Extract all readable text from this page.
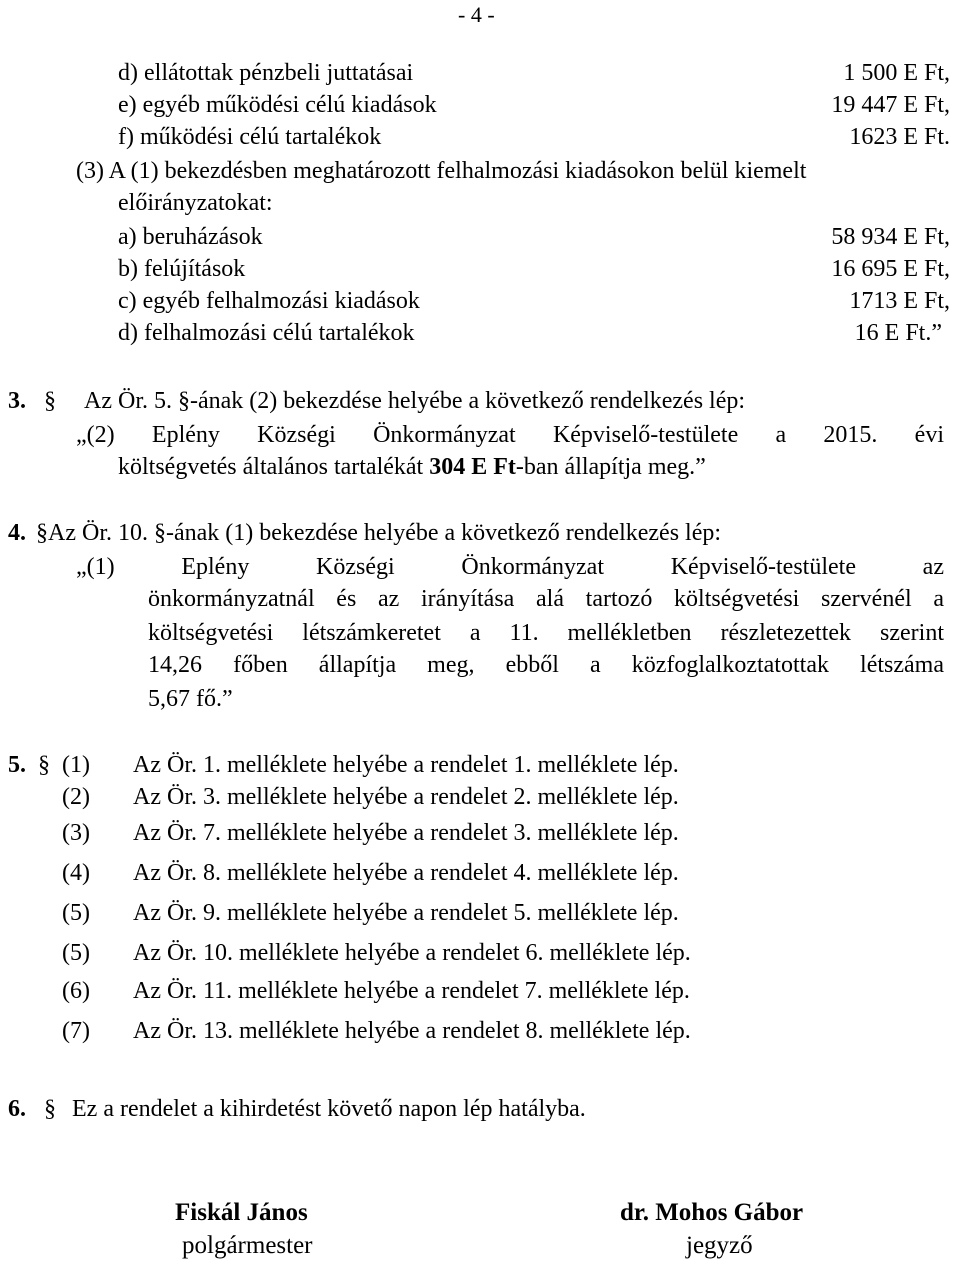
- 4 -
d) ellátottak pénzbeli juttatásai	1 500 E Ft,
e) egyéb működési célú kiadások	19 447 E Ft,
f) működési célú tartalékok	1623 E Ft.
(3) A (1) bekezdésben meghatározott felhalmozási kiadásokon belül kiemelt
előirányzatokat:
a) beruházások	58 934 E Ft,
b) felújítások	16 695 E Ft,
c) egyéb felhalmozási kiadások	1713 E Ft,
d) felhalmozási célú tartalékok	16 E Ft.”
3. § Az Ör. 5. §-ának (2) bekezdése helyébe a következő rendelkezés lép:
„(2) Eplény Községi Önkormányzat Képviselő-testülete a 2015. évi
költségvetés általános tartalékát 304 E Ft-ban állapítja meg.”
4. §Az Ör. 10. §-ának (1) bekezdése helyébe a következő rendelkezés lép:
„(1) Eplény Községi Önkormányzat Képviselő-testülete az
önkormányzatnál és az irányítása alá tartozó költségvetési szervénél a
költségvetési létszámkeretet a 11. mellékletben részletezettek szerint
14,26 főben állapítja meg, ebből a közfoglalkoztatottak létszáma
5,67 fő.”
5. § (1) Az Ör. 1. melléklete helyébe a rendelet 1. melléklete lép.
(2) Az Ör. 3. melléklete helyébe a rendelet 2. melléklete lép.
(3) Az Ör. 7. melléklete helyébe a rendelet 3. melléklete lép.
(4) Az Ör. 8. melléklete helyébe a rendelet 4. melléklete lép.
(5) Az Ör. 9. melléklete helyébe a rendelet 5. melléklete lép.
(5) Az Ör. 10. melléklete helyébe a rendelet 6. melléklete lép.
(6) Az Ör. 11. melléklete helyébe a rendelet 7. melléklete lép.
(7) Az Ör. 13. melléklete helyébe a rendelet 8. melléklete lép.
6. § Ez a rendelet a kihirdetést követő napon lép hatályba.
Fiskál János
polgármester
dr. Mohos Gábor
jegyző
